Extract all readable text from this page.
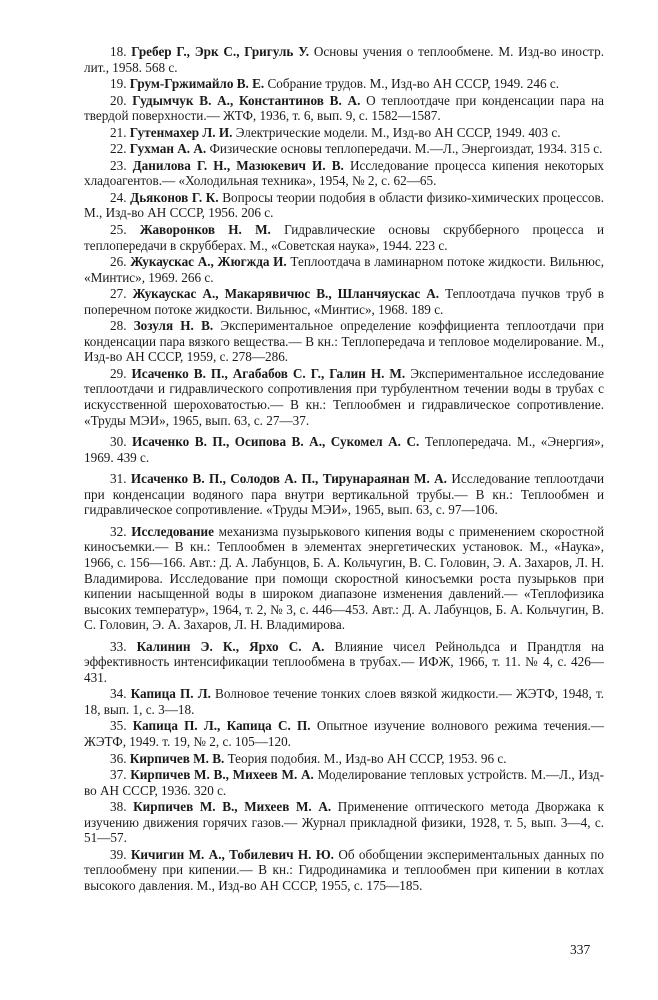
18. Гребер Г., Эрк С., Григуль У. Основы учения о теплообмене. М. Изд-во иностр. лит., 1958. 568 с.

19. Грум-Гржимайло В. Е. Собрание трудов. М., Изд-во АН СССР, 1949. 246 с.

20. Гудымчук В. А., Константинов В. А. О теплоотдаче при конденсации пара на твердой поверхности.— ЖТФ, 1936, т. 6, вып. 9, с. 1582—1587.

21. Гутенмахер Л. И. Электрические модели. М., Изд-во АН СССР, 1949. 403 с.

22. Гухман А. А. Физические основы теплопередачи. М.—Л., Энергоиздат, 1934. 315 с.

23. Данилова Г. Н., Мазюкевич И. В. Исследование процесса кипения некоторых хладоагентов.— «Холодильная техника», 1954, № 2, с. 62—65.

24. Дьяконов Г. К. Вопросы теории подобия в области физико-химических процессов. М., Изд-во АН СССР, 1956. 206 с.

25. Жаворонков Н. М. Гидравлические основы скрубберного процесса и теплопередачи в скрубберах. М., «Советская наука», 1944. 223 с.

26. Жукаускас А., Жюгжда И. Теплоотдача в ламинарном потоке жидкости. Вильнюс, «Минтис», 1969. 266 с.

27. Жукаускас А., Макарявичюс В., Шланчяускас А. Теплоотдача пучков труб в поперечном потоке жидкости. Вильнюс, «Минтис», 1968. 189 с.

28. Зозуля Н. В. Экспериментальное определение коэффициента теплоотдачи при конденсации пара вязкого вещества.— В кн.: Теплопередача и тепловое моделирование. М., Изд-во АН СССР, 1959, с. 278—286.

29. Исаченко В. П., Агабабов С. Г., Галин Н. М. Экспериментальное исследование теплоотдачи и гидравлического сопротивления при турбулентном течении воды в трубах с искусственной шероховатостью.— В кн.: Теплообмен и гидравлическое сопротивление. «Труды МЭИ», 1965, вып. 63, с. 27—37.

30. Исаченко В. П., Осипова В. А., Сукомел А. С. Теплопередача. М., «Энергия», 1969. 439 с.

31. Исаченко В. П., Солодов А. П., Тирунараянан М. А. Исследование теплоотдачи при конденсации водяного пара внутри вертикальной трубы.— В кн.: Теплообмен и гидравлическое сопротивление. «Труды МЭИ», 1965, вып. 63, с. 97—106.

32. Исследование механизма пузырькового кипения воды с применением скоростной киносъемки.— В кн.: Теплообмен в элементах энергетических установок. М., «Наука», 1966, с. 156—166. Авт.: Д. А. Лабунцов, Б. А. Кольчугин, В. С. Головин, Э. А. Захаров, Л. Н. Владимирова. Исследование при помощи скоростной киносъемки роста пузырьков при кипении насыщенной воды в широком диапазоне изменения давлений.— «Теплофизика высоких температур», 1964, т. 2, № 3, с. 446—453. Авт.: Д. А. Лабунцов, Б. А. Кольчугин, В. С. Головин, Э. А. Захаров, Л. Н. Владимирова.

33. Калинин Э. К., Ярхо С. А. Влияние чисел Рейнольдса и Прандтля на эффективность интенсификации теплообмена в трубах.— ИФЖ, 1966, т. 11. № 4, с. 426—431.

34. Капица П. Л. Волновое течение тонких слоев вязкой жидкости.— ЖЭТФ, 1948, т. 18, вып. 1, с. 3—18.

35. Капица П. Л., Капица С. П. Опытное изучение волнового режима течения.— ЖЭТФ, 1949. т. 19, № 2, с. 105—120.

36. Кирпичев М. В. Теория подобия. М., Изд-во АН СССР, 1953. 96 с.

37. Кирпичев М. В., Михеев М. А. Моделирование тепловых устройств. М.—Л., Изд-во АН СССР, 1936. 320 с.

38. Кирпичев М. В., Михеев М. А. Применение оптического метода Дворжака к изучению движения горячих газов.— Журнал прикладной физики, 1928, т. 5, вып. 3—4, с. 51—57.

39. Кичигин М. А., Тобилевич Н. Ю. Об обобщении экспериментальных данных по теплообмену при кипении.— В кн.: Гидродинамика и теплообмен при кипении в котлах высокого давления. М., Изд-во АН СССР, 1955, с. 175—185.

337
